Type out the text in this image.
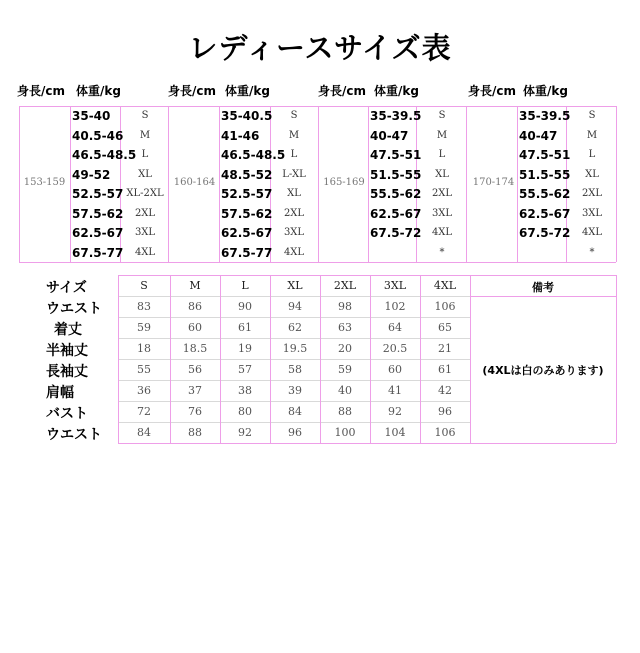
レディースサイズ表
身長/cm 体重/kg
153-159
35-40	S
40.5-46	M
46.5-48.5 L
49-52	XL
52.5-57 XL-2XL
57.5-62	2XL
62.5-67	3XL
67.5-77	4XL
身長/cm 体重/kg
160-164
35-40.5	S
41-46	M
46.5-48.5 L
48.5-52 L-XL
52.5-57	XL
57.5-62	2XL
62.5-67	3XL
67.5-77	4XL
身長/cm 体重/kg
165-169
35-39.5	S
40-47	M
47.5-51	L
51.5-55	XL
55.5-62	2XL
62.5-67	3XL
67.5-72	4XL
*
身長/cm 体重/kg
170-174
35-39.5	S
40-47	M
47.5-51	L
51.5-55	XL
55.5-62	2XL
62.5-67	3XL
67.5-72	4XL
*
サイズ	S	M	L	XL	2XL	3XL	4XL	備考
ウエスト	83	86	90	94	98	102	106
着丈	59	60	61	62	63	64	65
半袖丈	18	18.5	19	19.5	20	20.5	21
長袖丈	55	56	57	58	59	60	61
肩幅	36	37	38	39	40	41	42
バスト	72	76	80	84	88	92	96
ウエスト	84	88	92	96	100	104	106
(4XLは白のみあります)
